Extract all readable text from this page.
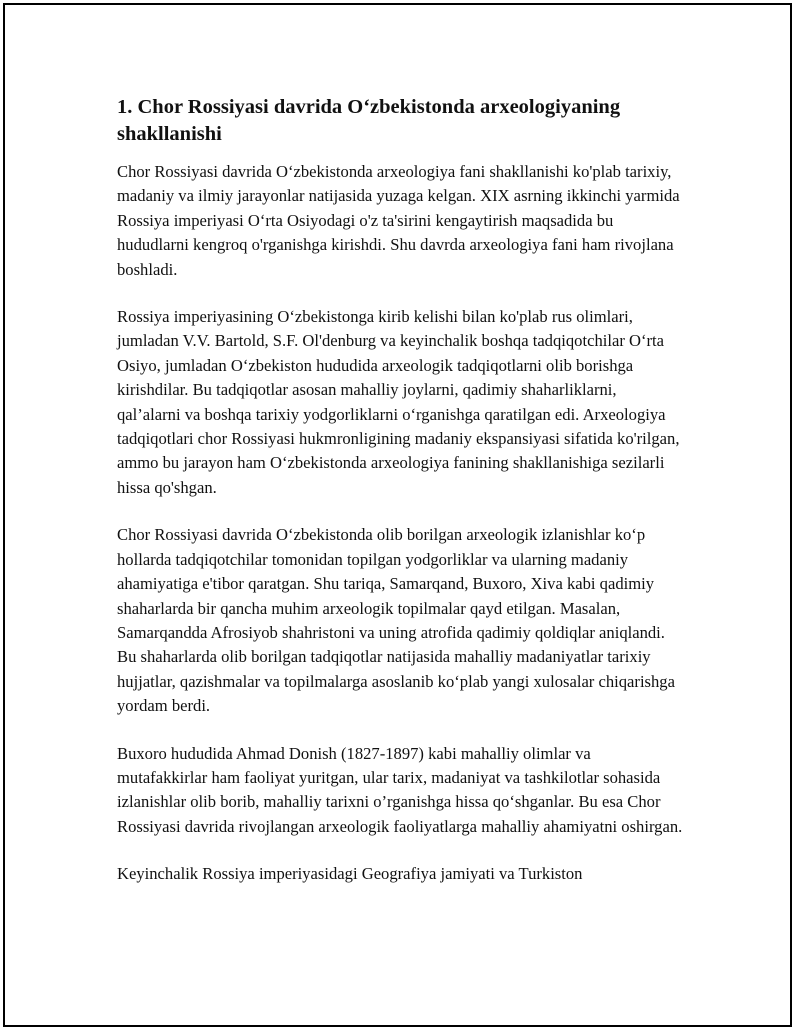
1. Chor Rossiyasi davrida O‘zbekistonda arxeologiyaning shakllanishi

Chor Rossiyasi davrida O‘zbekistonda arxeologiya fani shakllanishi ko'plab tarixiy, madaniy va ilmiy jarayonlar natijasida yuzaga kelgan. XIX asrning ikkinchi yarmida Rossiya imperiyasi O‘rta Osiyodagi o'z ta'sirini kengaytirish maqsadida bu hududlarni kengroq o'rganishga kirishdi. Shu davrda arxeologiya fani ham rivojlana boshladi.

Rossiya imperiyasining O‘zbekistonga kirib kelishi bilan ko'plab rus olimlari, jumladan V.V. Bartold, S.F. Ol'denburg va keyinchalik boshqa tadqiqotchilar O‘rta Osiyo, jumladan O‘zbekiston hududida arxeologik tadqiqotlarni olib borishga kirishdilar. Bu tadqiqotlar asosan mahalliy joylarni, qadimiy shaharliklarni, qal’alarni va boshqa tarixiy yodgorliklarni o‘rganishga qaratilgan edi. Arxeologiya tadqiqotlari chor Rossiyasi hukmronligining madaniy ekspansiyasi sifatida ko'rilgan, ammo bu jarayon ham O‘zbekistonda arxeologiya fanining shakllanishiga sezilarli hissa qo'shgan.

Chor Rossiyasi davrida O‘zbekistonda olib borilgan arxeologik izlanishlar ko‘p hollarda tadqiqotchilar tomonidan topilgan yodgorliklar va ularning madaniy ahamiyatiga e'tibor qaratgan. Shu tariqa, Samarqand, Buxoro, Xiva kabi qadimiy shaharlarda bir qancha muhim arxeologik topilmalar qayd etilgan. Masalan, Samarqandda Afrosiyob shahristoni va uning atrofida qadimiy qoldiqlar aniqlandi. Bu shaharlarda olib borilgan tadqiqotlar natijasida mahalliy madaniyatlar tarixiy hujjatlar, qazishmalar va topilmalarga asoslanib ko‘plab yangi xulosalar chiqarishga yordam berdi.

Buxoro hududida Ahmad Donish (1827-1897) kabi mahalliy olimlar va mutafakkirlar ham faoliyat yuritgan, ular tarix, madaniyat va tashkilotlar sohasida izlanishlar olib borib, mahalliy tarixni o’rganishga hissa qo‘shganlar. Bu esa Chor Rossiyasi davrida rivojlangan arxeologik faoliyatlarga mahalliy ahamiyatni oshirgan.

Keyinchalik Rossiya imperiyasidagi Geografiya jamiyati va Turkiston
